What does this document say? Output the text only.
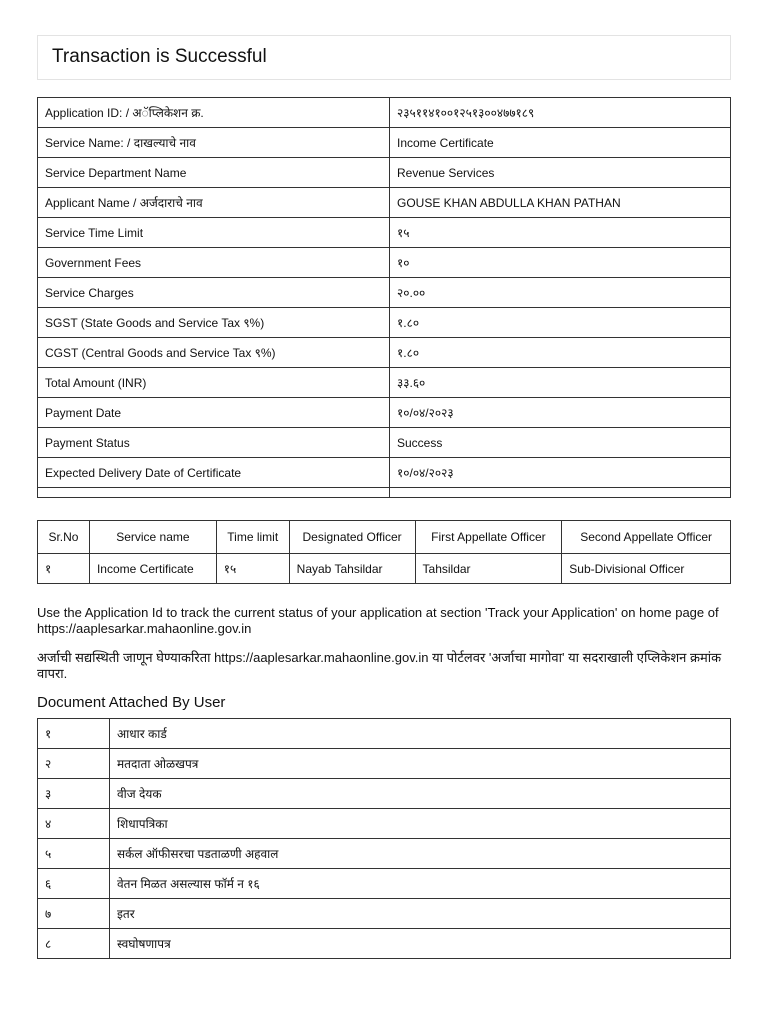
Transaction is Successful
Application ID: / अॅप्लिकेशन क्र.	२३५११४१००१२५१३००४७७१८९
Service Name: / दाखल्याचे नाव	Income Certificate
Service Department Name	Revenue Services
Applicant Name / अर्जदाराचे नाव	GOUSE KHAN ABDULLA KHAN PATHAN
Service Time Limit	१५
Government Fees	१०
Service Charges	२०.००
SGST (State Goods and Service Tax ९%)	१.८०
CGST (Central Goods and Service Tax ९%)	१.८०
Total Amount (INR)	३३.६०
Payment Date	१०/०४/२०२३
Payment Status	Success
Expected Delivery Date of Certificate	१०/०४/२०२३

Sr.No	Service name	Time limit	Designated Officer	First Appellate Officer	Second Appellate Officer
१	Income Certificate	१५	Nayab Tahsildar	Tahsildar	Sub-Divisional Officer

Use the Application Id to track the current status of your application at section 'Track your Application' on home page of https://aaplesarkar.mahaonline.gov.in

अर्जाची सद्यस्थिती जाणून घेण्याकरिता https://aaplesarkar.mahaonline.gov.in या पोर्टलवर 'अर्जाचा मागोवा' या सदराखाली एप्लिकेशन क्रमांक वापरा.

Document Attached By User
१	आधार कार्ड
२	मतदाता ओळखपत्र
३	वीज देयक
४	शिधापत्रिका
५	सर्कल ऑफीसरचा पडताळणी अहवाल
६	वेतन मिळत असल्यास फॉर्म न १६
७	इतर
८	स्वघोषणापत्र
